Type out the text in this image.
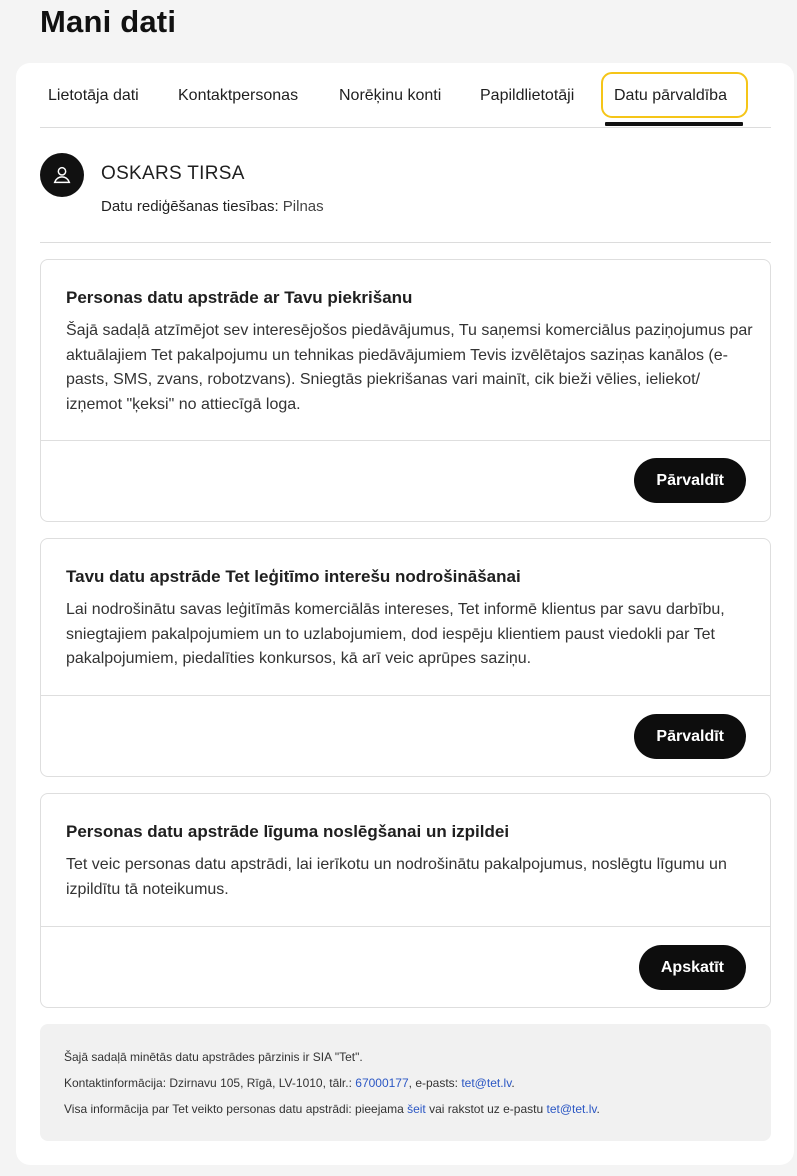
Mani dati
Lietotāja dati Kontaktpersonas	Norēķinu konti Papildlietotāji Datu pārvaldība
OSKARS TIRSA
Datu rediģēšanas tiesības: Pilnas
Personas datu apstrāde ar Tavu piekrišanu

Šajā sadaļā atzīmējot sev interesējošos piedāvājumus, Tu saņemsi komerciālus paziņojumus par aktuālajiem Tet pakalpojumu un tehnikas piedāvājumiem Tevis izvēlētajos saziņas kanālos (e-pasts, SMS, zvans, robotzvans). Sniegtās piekrišanas vari mainīt, cik bieži vēlies, ieliekot/ izņemot "ķeksi" no attiecīgā loga.

Pārvaldīt
Tavu datu apstrāde Tet leģitīmo interešu nodrošināšanai

Lai nodrošinātu savas leģitīmās komerciālās intereses, Tet informē klientus par savu darbību, sniegtajiem pakalpojumiem un to uzlabojumiem, dod iespēju klientiem paust viedokli par Tet pakalpojumiem, piedalīties konkursos, kā arī veic aprūpes saziņu.

Pārvaldīt
Personas datu apstrāde līguma noslēgšanai un izpildei

Tet veic personas datu apstrādi, lai ierīkotu un nodrošinātu pakalpojumus, noslēgtu līgumu un izpildītu tā noteikumus.

Apskatīt

Šajā sadaļā minētās datu apstrādes pārzinis ir SIA "Tet".

Kontaktinformācija: Dzirnavu 105, Rīgā, LV-1010, tālr.: 67000177, e-pasts: tet@tet.lv.

Visa informācija par Tet veikto personas datu apstrādi: pieejama šeit vai rakstot uz e-pastu tet@tet.lv.
